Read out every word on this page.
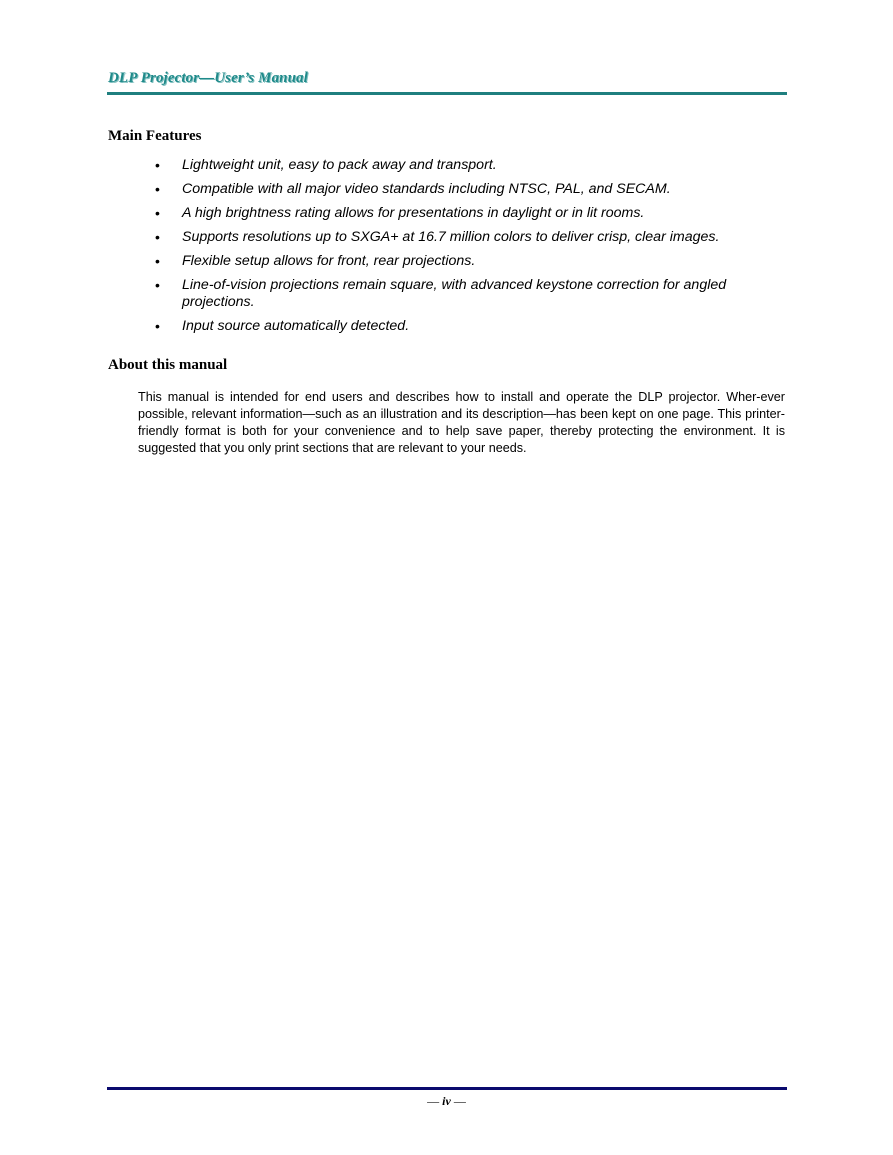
DLP Projector—User’s Manual
Main Features
• Lightweight unit, easy to pack away and transport.
• Compatible with all major video standards including NTSC, PAL, and SECAM.
• A high brightness rating allows for presentations in daylight or in lit rooms.
• Supports resolutions up to SXGA+ at 16.7 million colors to deliver crisp, clear images.
• Flexible setup allows for front, rear projections.
• Line-of-vision projections remain square, with advanced keystone correction for angled projections.
• Input source automatically detected.
About this manual

This manual is intended for end users and describes how to install and operate the DLP projector. Wher-ever possible, relevant information—such as an illustration and its description—has been kept on one page. This printer-friendly format is both for your convenience and to help save paper, thereby protecting the environment. It is suggested that you only print sections that are relevant to your needs.

— iv —
